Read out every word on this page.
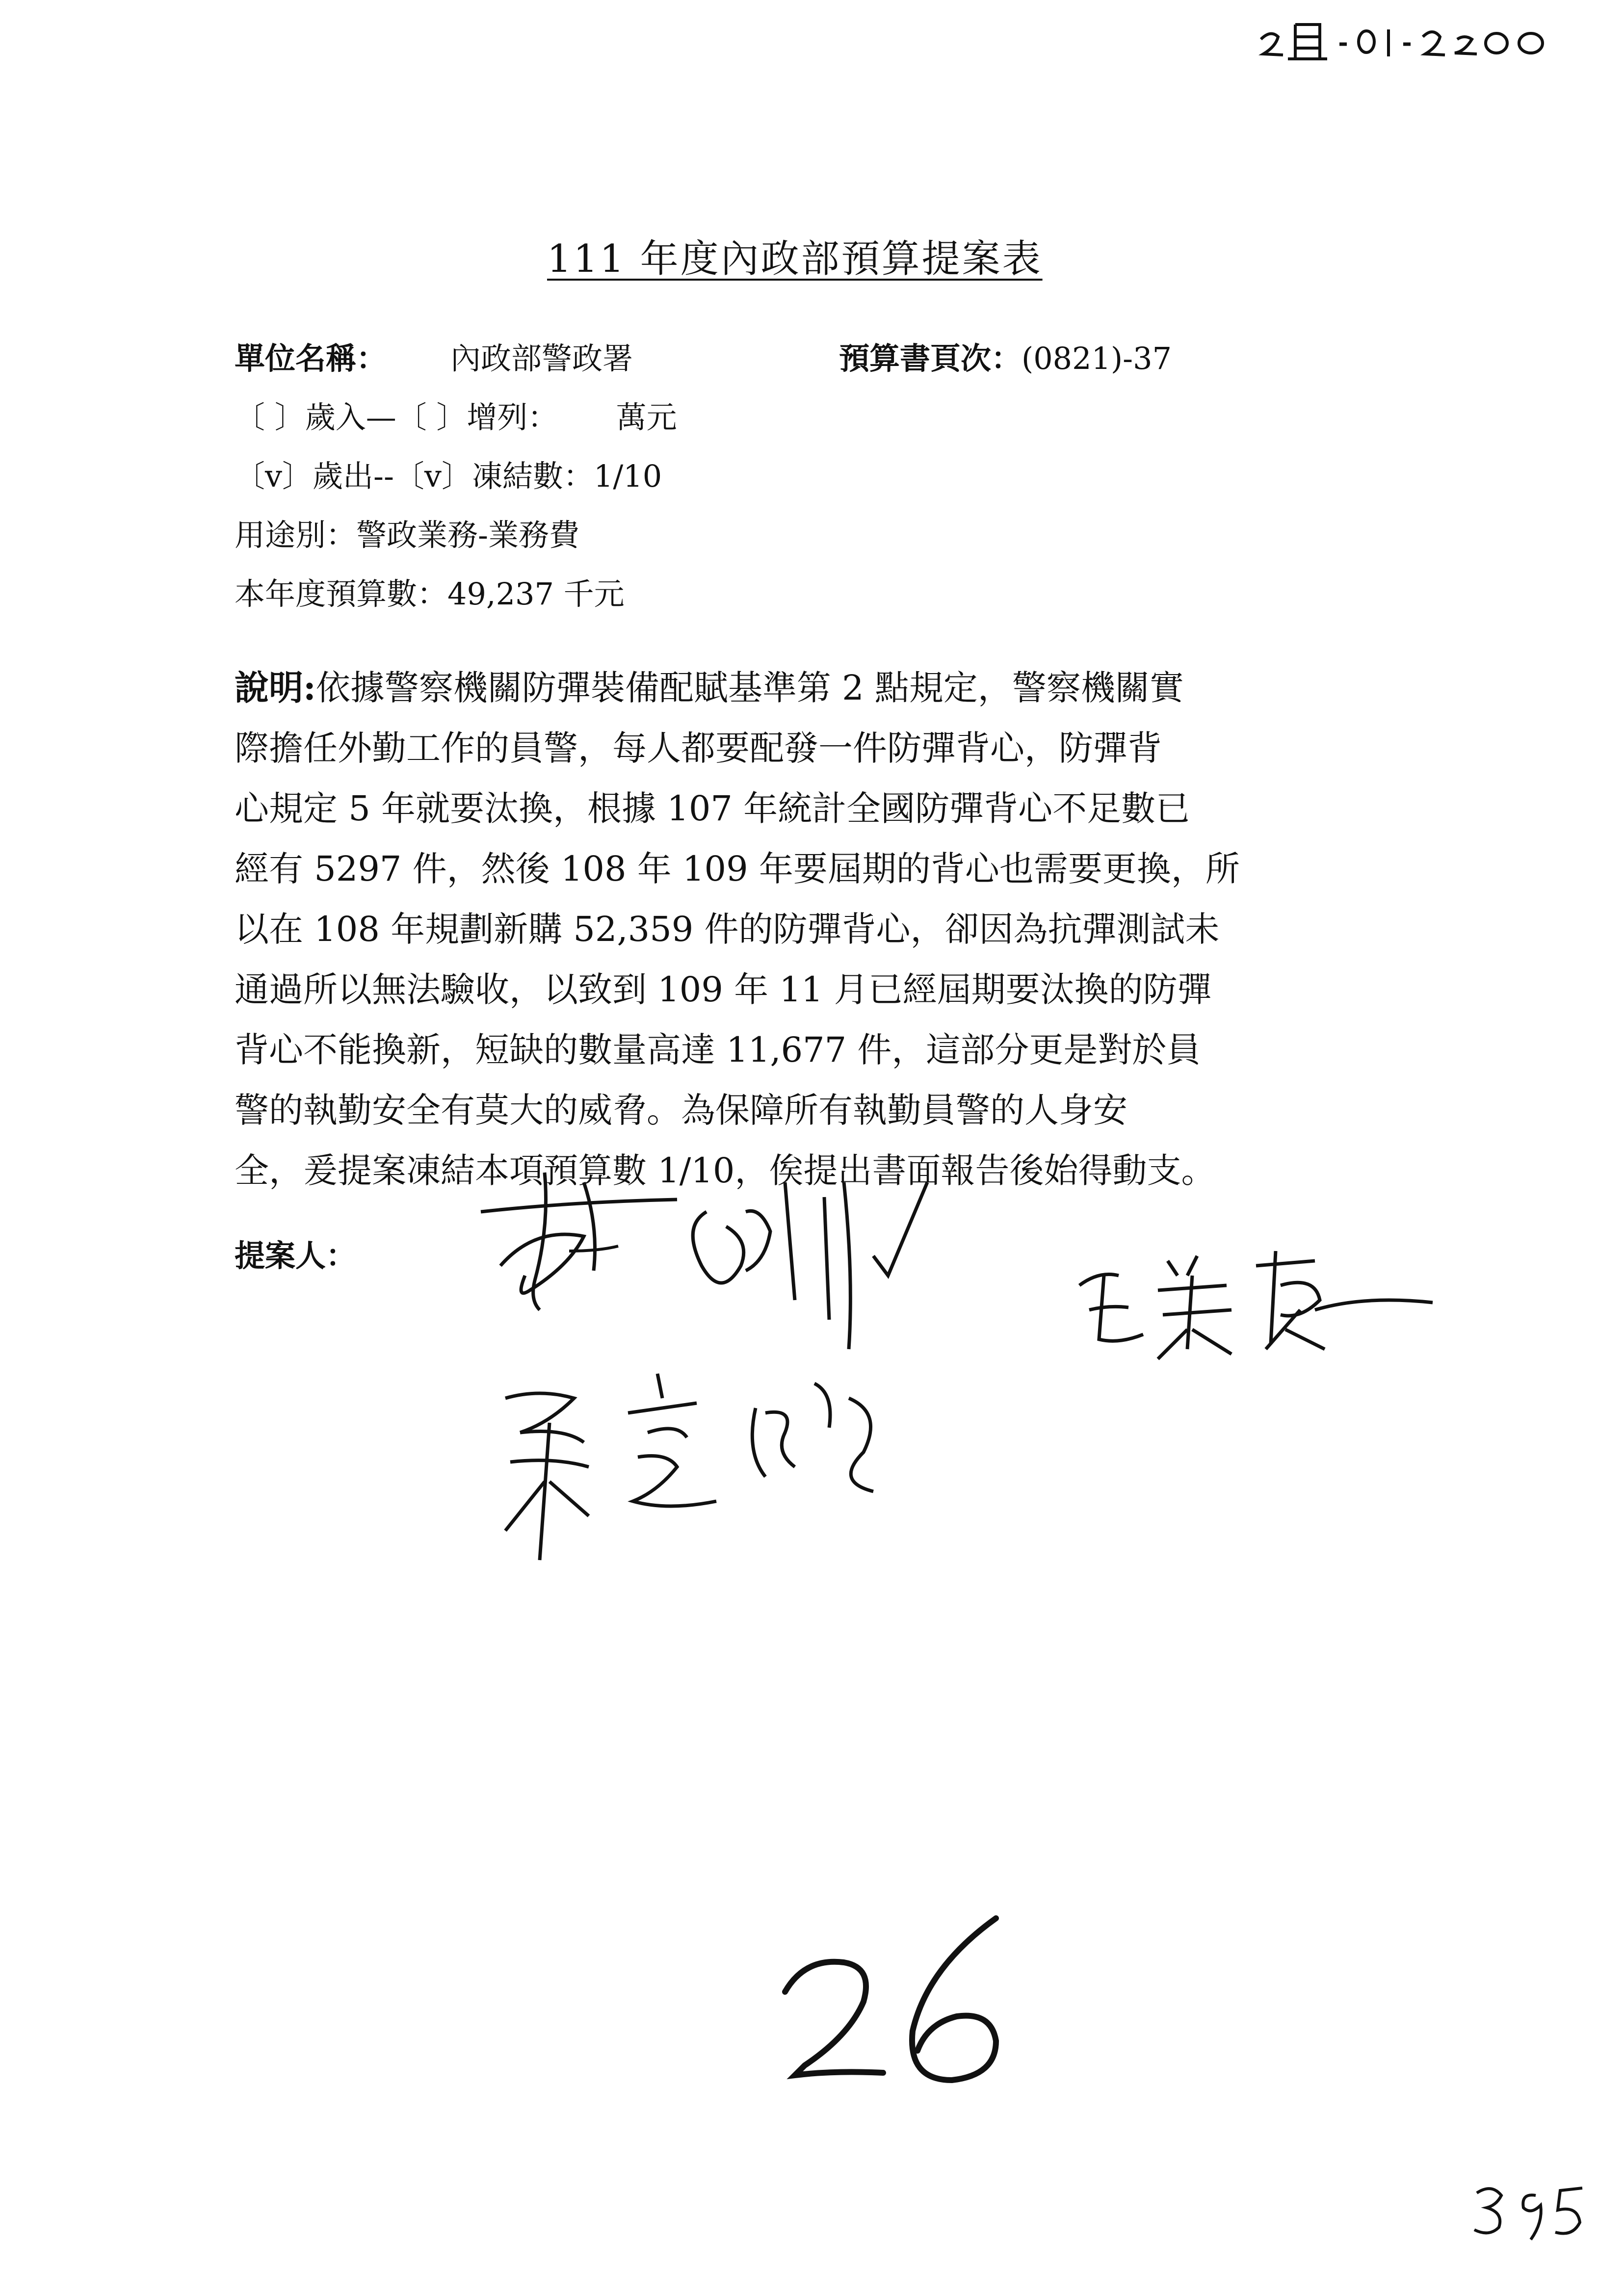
111 年度內政部預算提案表
單位名稱： 內政部警政署	預算書頁次：(0821)-37
〔 〕歲入—〔 〕增列：      萬元
〔v〕歲出--〔v〕凍結數：1/10
用途別：警政業務-業務費
本年度預算數：49,237 千元
說明:依據警察機關防彈裝備配賦基準第 2 點規定，警察機關實
際擔任外勤工作的員警，每人都要配發一件防彈背心，防彈背
心規定 5 年就要汰換，根據 107 年統計全國防彈背心不足數已
經有 5297 件，然後 108 年 109 年要屆期的背心也需要更換，所
以在 108 年規劃新購 52,359 件的防彈背心，卻因為抗彈測試未
通過所以無法驗收，以致到 109 年 11 月已經屆期要汰換的防彈
背心不能換新，短缺的數量高達 11,677 件，這部分更是對於員
警的執勤安全有莫大的威脅。為保障所有執勤員警的人身安
全，爰提案凍結本項預算數 1/10，俟提出書面報告後始得動支。
提案人：
